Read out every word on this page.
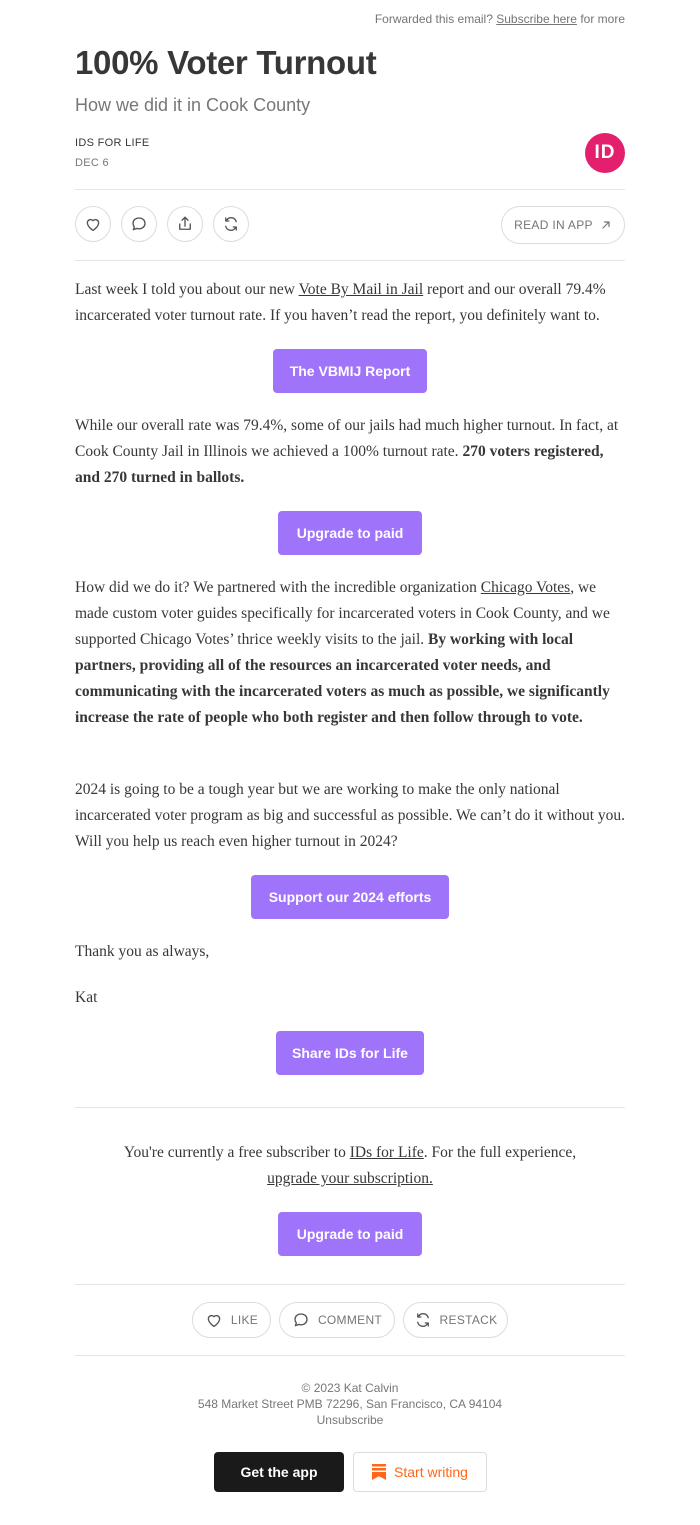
Forwarded this email? Subscribe here for more
100% Voter Turnout
How we did it in Cook County
IDS FOR LIFE
DEC 6	ID
READ IN APP

Last week I told you about our new Vote By Mail in Jail report and our overall 79.4% incarcerated voter turnout rate. If you haven’t read the report, you definitely want to.

The VBMIJ Report

While our overall rate was 79.4%, some of our jails had much higher turnout. In fact, at Cook County Jail in Illinois we achieved a 100% turnout rate. 270 voters registered, and 270 turned in ballots.

Upgrade to paid

How did we do it? We partnered with the incredible organization Chicago Votes, we made custom voter guides specifically for incarcerated voters in Cook County, and we supported Chicago Votes’ thrice weekly visits to the jail. By working with local partners, providing all of the resources an incarcerated voter needs, and communicating with the incarcerated voters as much as possible, we significantly increase the rate of people who both register and then follow through to vote.

2024 is going to be a tough year but we are working to make the only national incarcerated voter program as big and successful as possible. We can’t do it without you. Will you help us reach even higher turnout in 2024?

Support our 2024 efforts

Thank you as always,

Kat

Share IDs for Life

You're currently a free subscriber to IDs for Life. For the full experience,
upgrade your subscription.

Upgrade to paid
LIKE	COMMENT	RESTACK
© 2023 Kat Calvin
548 Market Street PMB 72296, San Francisco, CA 94104
Unsubscribe
Get the app	Start writing
